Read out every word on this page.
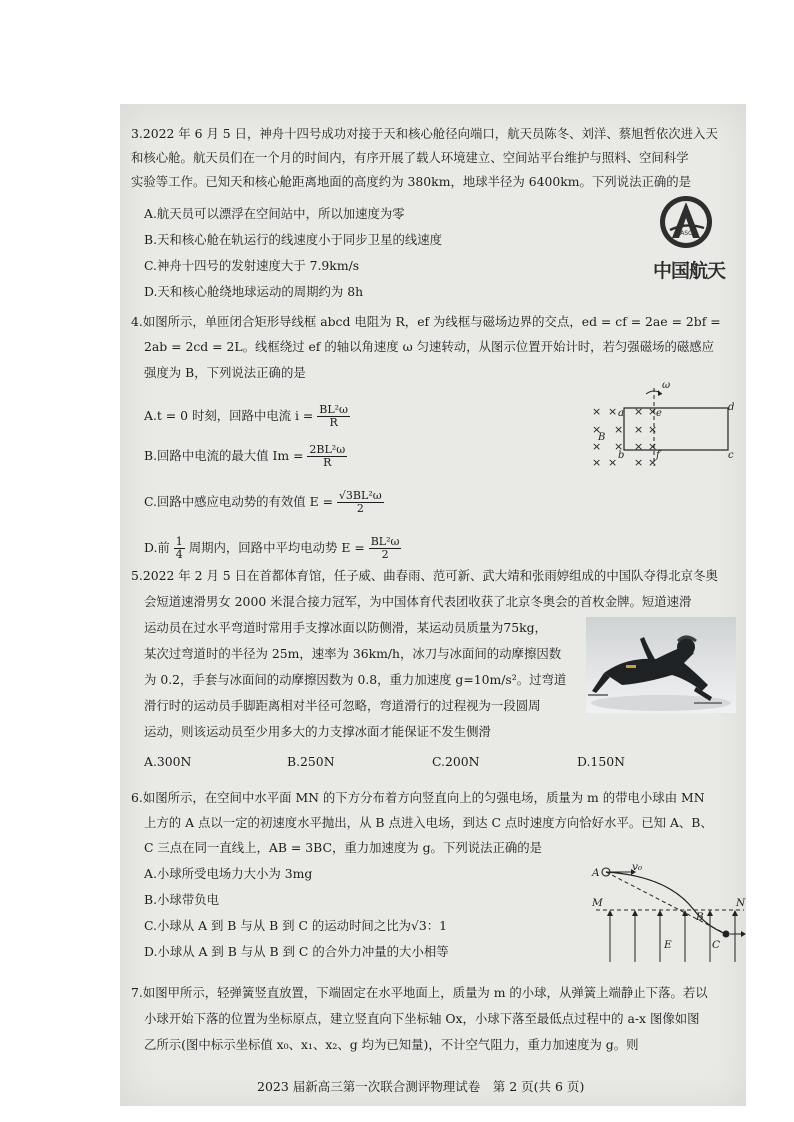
3.2022 年 6 月 5 日，神舟十四号成功对接于天和核心舱径向端口，航天员陈冬、刘洋、蔡旭哲依次进入天
和核心舱。航天员们在一个月的时间内，有序开展了载人环境建立、空间站平台维护与照料、空间科学
实验等工作。已知天和核心舱距离地面的高度约为 380km，地球半径为 6400km。下列说法正确的是
A.航天员可以漂浮在空间站中，所以加速度为零
B.天和核心舱在轨运行的线速度小于同步卫星的线速度
C.神舟十四号的发射速度大于 7.9km/s
D.天和核心舱绕地球运动的周期约为 8h
CASC
中国航天
4.如图所示，单匝闭合矩形导线框 abcd 电阻为 R，ef 为线框与磁场边界的交点，ed = cf = 2ae = 2bf =
2ab = 2cd = 2L。线框绕过 ef 的轴以角速度 ω 匀速转动，从图示位置开始计时，若匀强磁场的磁感应
强度为 B，下列说法正确的是
A.t = 0 时刻，回路中电流 $i = \frac{\text{BL²ω}}{R}$
B.回路中电流的最大值 $Im = \frac{\text{2BL²ω}}{R}$
C.回路中感应电动势的有效值 $E = \frac{\text{√3BL²ω}}{2}$
D.前 $\frac{1}{4}$ 周期内，回路中平均电动势 $E = \frac{\text{BL²ω}}{2}$
× × × ×
× × × ×
× × × ×
× × × ×
ω
a	e
d
B
b	f	c
5.2022 年 2 月 5 日在首都体育馆，任子威、曲春雨、范可新、武大靖和张雨婷组成的中国队夺得北京冬奥
会短道速滑男女 2000 米混合接力冠军，为中国体育代表团收获了北京冬奥会的首枚金牌。短道速滑
运动员在过水平弯道时常用手支撑冰面以防侧滑，某运动员质量为75kg，
某次过弯道时的半径为 25m，速率为 36km/h，冰刀与冰面间的动摩擦因数
为 0.2，手套与冰面间的动摩擦因数为 0.8，重力加速度 g=10m/s²。过弯道
滑行时的运动员手脚距离相对半径可忽略，弯道滑行的过程视为一段圆周
运动，则该运动员至少用多大的力支撑冰面才能保证不发生侧滑
A.300N	B.250N	C.200N	D.150N
6.如图所示，在空间中水平面 MN 的下方分布着方向竖直向上的匀强电场，质量为 m 的带电小球由 MN
上方的 A 点以一定的初速度水平抛出，从 B 点进入电场，到达 C 点时速度方向恰好水平。已知 A、B、
C 三点在同一直线上，AB = 3BC，重力加速度为 g。下列说法正确的是
A.小球所受电场力大小为 3mg
B.小球带负电
C.小球从 A 到 B 与从 B 到 C 的运动时间之比为√3：1
D.小球从 A 到 B 与从 B 到 C 的合外力冲量的大小相等
A	v₀
M	N
B
C
E
7.如图甲所示，轻弹簧竖直放置，下端固定在水平地面上，质量为 m 的小球，从弹簧上端静止下落。若以
小球开始下落的位置为坐标原点，建立竖直向下坐标轴 Ox，小球下落至最低点过程中的 a-x 图像如图
乙所示(图中标示坐标值 x₀、x₁、x₂、g 均为已知量)，不计空气阻力，重力加速度为 g。则
2023 届新高三第一次联合测评物理试卷　第 2 页(共 6 页)
